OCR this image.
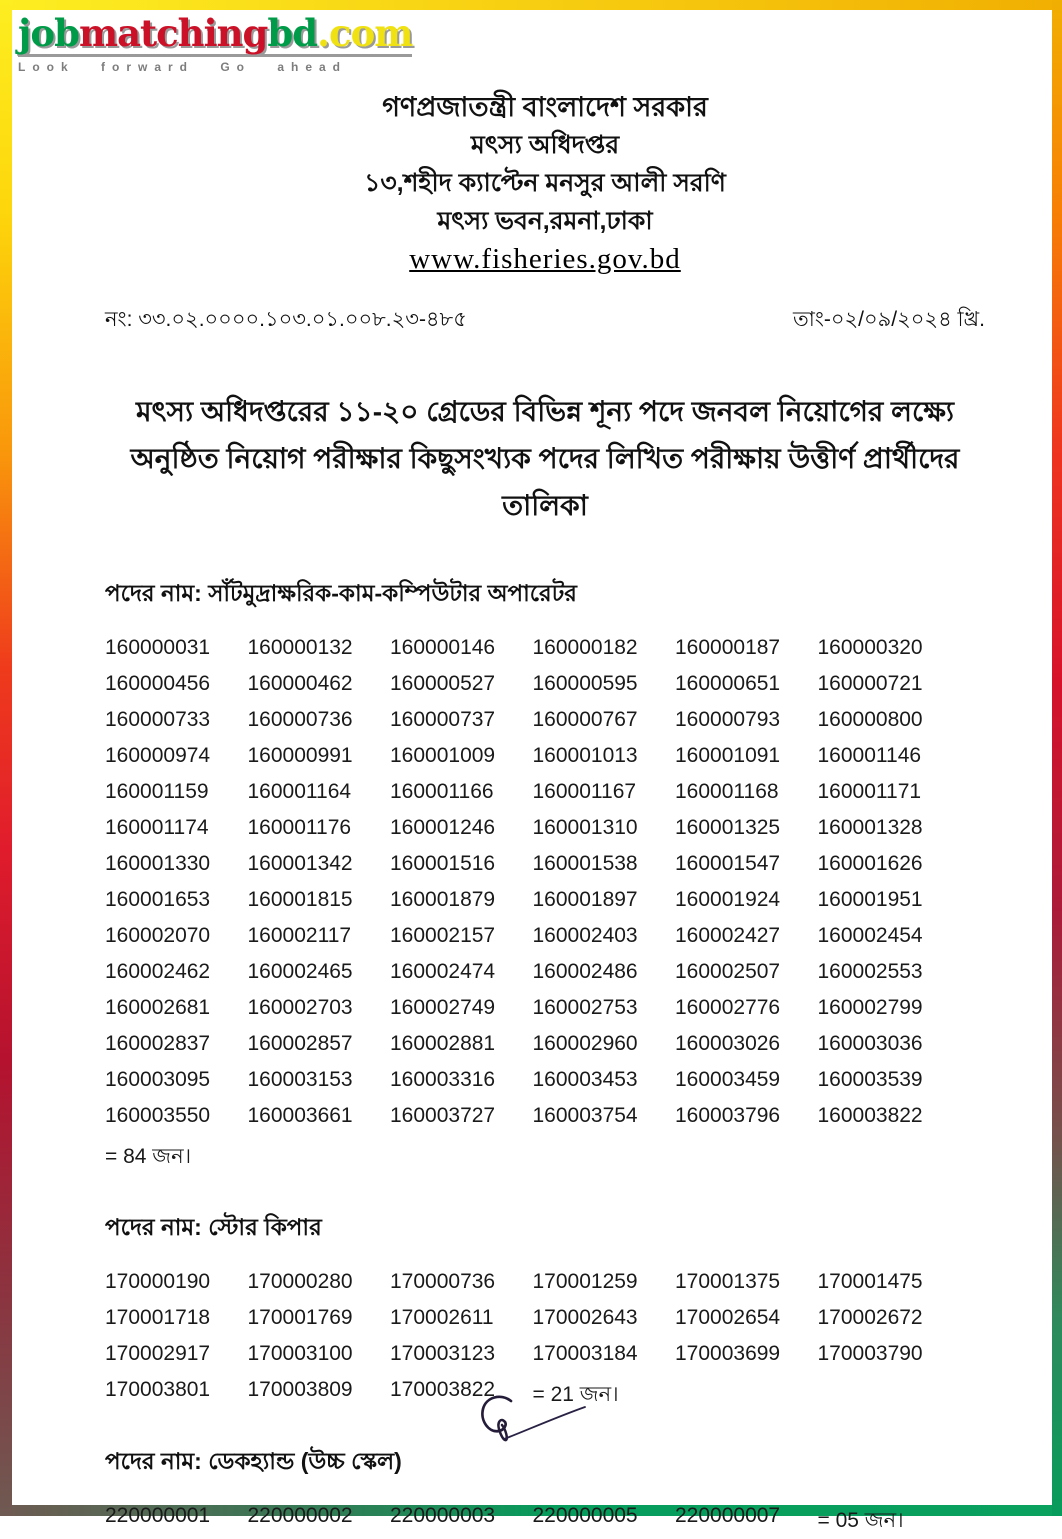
jobmatchingbd.com
Look forward Go ahead
গণপ্রজাতন্ত্রী বাংলাদেশ সরকার
মৎস্য অধিদপ্তর
১৩,শহীদ ক্যাপ্টেন মনসুর আলী সরণি
মৎস্য ভবন,রমনা,ঢাকা
www.fisheries.gov.bd
নং: ৩৩.০২.০০০০.১০৩.০১.০০৮.২৩-৪৮৫	তাং-০২/০৯/২০২৪ খ্রি.
মৎস্য অধিদপ্তরের ১১-২০ গ্রেডের বিভিন্ন শূন্য পদে জনবল নিয়োগের লক্ষ্যে
অনুষ্ঠিত নিয়োগ পরীক্ষার কিছুসংখ্যক পদের লিখিত পরীক্ষায় উত্তীর্ণ প্রার্থীদের তালিকা
পদের নাম: সাঁটমুদ্রাক্ষরিক-কাম-কম্পিউটার অপারেটর
160000031	160000132	160000146	160000182	160000187	160000320
160000456	160000462	160000527	160000595	160000651	160000721
160000733	160000736	160000737	160000767	160000793	160000800
160000974	160000991	160001009	160001013	160001091	160001146
160001159	160001164	160001166	160001167	160001168	160001171
160001174	160001176	160001246	160001310	160001325	160001328
160001330	160001342	160001516	160001538	160001547	160001626
160001653	160001815	160001879	160001897	160001924	160001951
160002070	160002117	160002157	160002403	160002427	160002454
160002462	160002465	160002474	160002486	160002507	160002553
160002681	160002703	160002749	160002753	160002776	160002799
160002837	160002857	160002881	160002960	160003026	160003036
160003095	160003153	160003316	160003453	160003459	160003539
160003550	160003661	160003727	160003754	160003796	160003822
= 84 জন।
পদের নাম: স্টোর কিপার
170000190	170000280	170000736	170001259	170001375	170001475
170001718	170001769	170002611	170002643	170002654	170002672
170002917	170003100	170003123	170003184	170003699	170003790
170003801	170003809	170003822	= 21 জন।
পদের নাম: ডেকহ্যান্ড (উচ্চ স্কেল)
220000001	220000002	220000003	220000005	220000007	= 05 জন।
